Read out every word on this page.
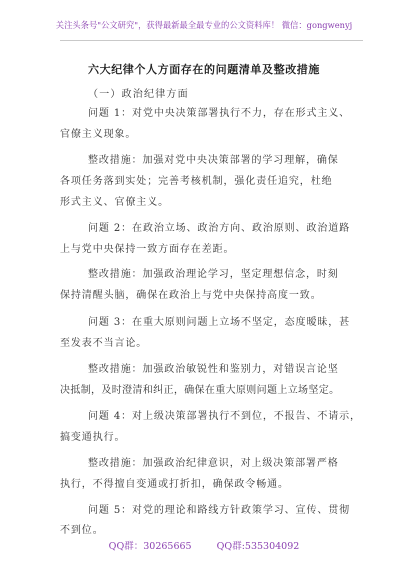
关注头条号"公文研究"，获得最新最全最专业的公文资料库！ 微信：gongwenyj
六大纪律个人方面存在的问题清单及整改措施
（一）政治纪律方面
问题 1：对党中央决策部署执行不力，存在形式主义、
官僚主义现象。
整改措施：加强对党中央决策部署的学习理解，确保
各项任务落到实处；完善考核机制，强化责任追究，杜绝
形式主义、官僚主义。
问题 2：在政治立场、政治方向、政治原则、政治道路
上与党中央保持一致方面存在差距。
整改措施：加强政治理论学习，坚定理想信念，时刻
保持清醒头脑，确保在政治上与党中央保持高度一致。
问题 3：在重大原则问题上立场不坚定，态度暧昧，甚
至发表不当言论。
整改措施：加强政治敏锐性和鉴别力，对错误言论坚
决抵制，及时澄清和纠正，确保在重大原则问题上立场坚定。
问题 4：对上级决策部署执行不到位，不报告、不请示，
搞变通执行。
整改措施：加强政治纪律意识，对上级决策部署严格
执行，不得擅自变通或打折扣，确保政令畅通。
问题 5：对党的理论和路线方针政策学习、宣传、贯彻
不到位。
QQ群：30265665	QQ群:535304092
